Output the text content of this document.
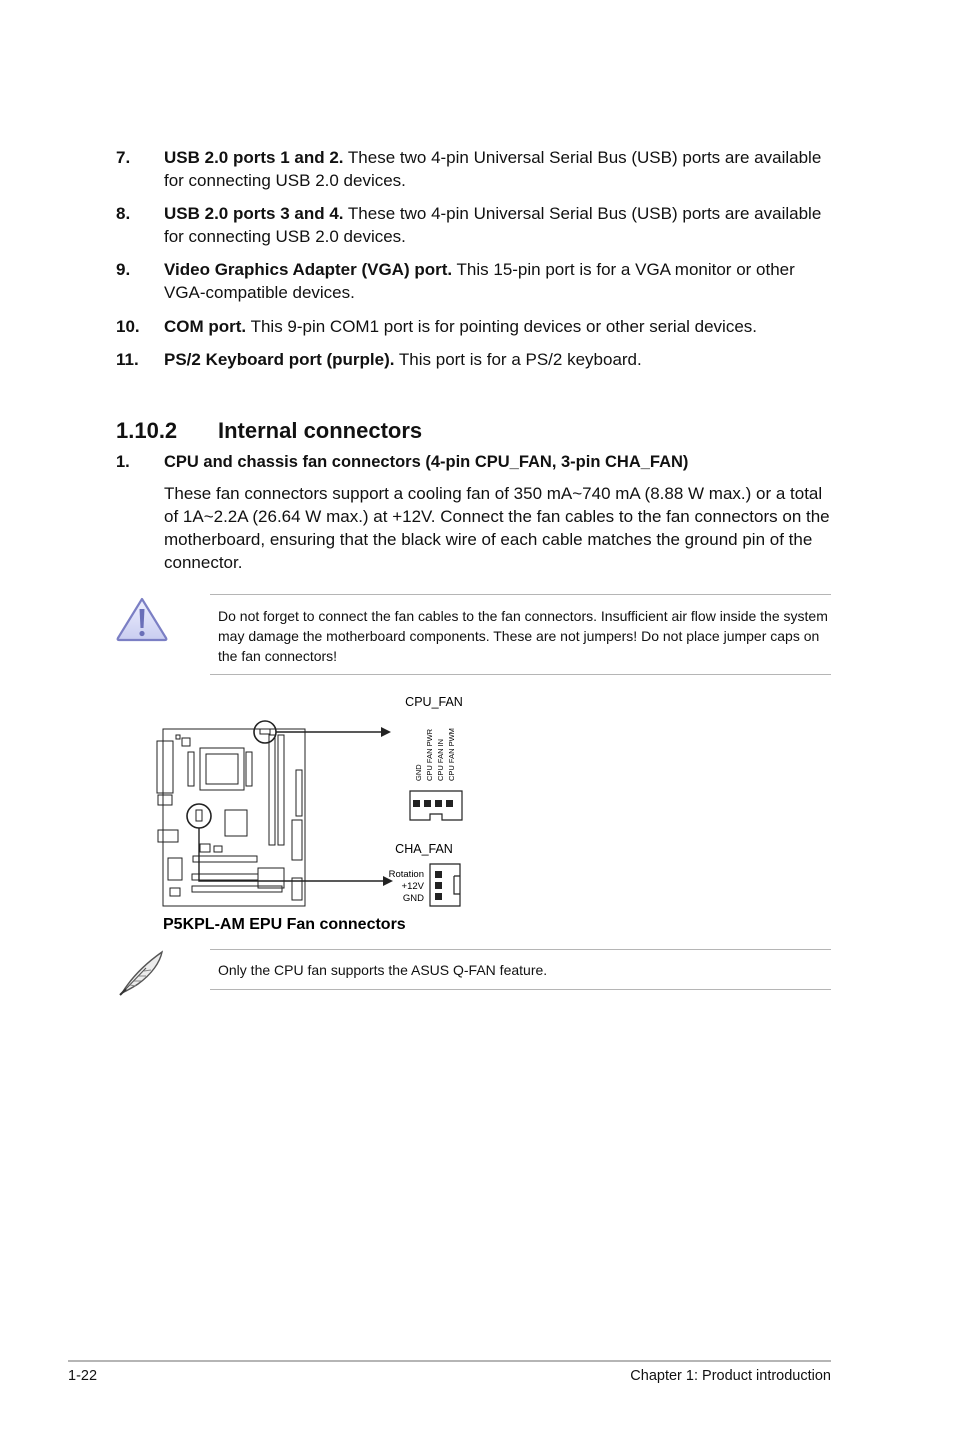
7. USB 2.0 ports 1 and 2. These two 4-pin Universal Serial Bus (USB) ports are available for connecting USB 2.0 devices.
8. USB 2.0 ports 3 and 4. These two 4-pin Universal Serial Bus (USB) ports are available for connecting USB 2.0 devices.
9. Video Graphics Adapter (VGA) port. This 15-pin port is for a VGA monitor or other VGA-compatible devices.
10. COM port. This 9-pin COM1 port is for pointing devices or other serial devices.
11. PS/2 Keyboard port (purple). This port is for a PS/2 keyboard.
1.10.2 Internal connectors
1. CPU and chassis fan connectors (4-pin CPU_FAN, 3-pin CHA_FAN)
These fan connectors support a cooling fan of 350 mA~740 mA (8.88 W max.) or a total of 1A~2.2A (26.64 W max.) at +12V. Connect the fan cables to the fan connectors on the motherboard, ensuring that the black wire of each cable matches the ground pin of the connector.
Do not forget to connect the fan cables to the fan connectors. Insufficient air flow inside the system may damage the motherboard components. These are not jumpers! Do not place jumper caps on the fan connectors!
CPU_FAN
GND CPU FAN PWR CPU FAN IN CPU FAN PWM
CHA_FAN
Rotation
+12V
GND
P5KPL-AM EPU Fan connectors
Only the CPU fan supports the ASUS Q-FAN feature.
1-22	Chapter 1: Product introduction
